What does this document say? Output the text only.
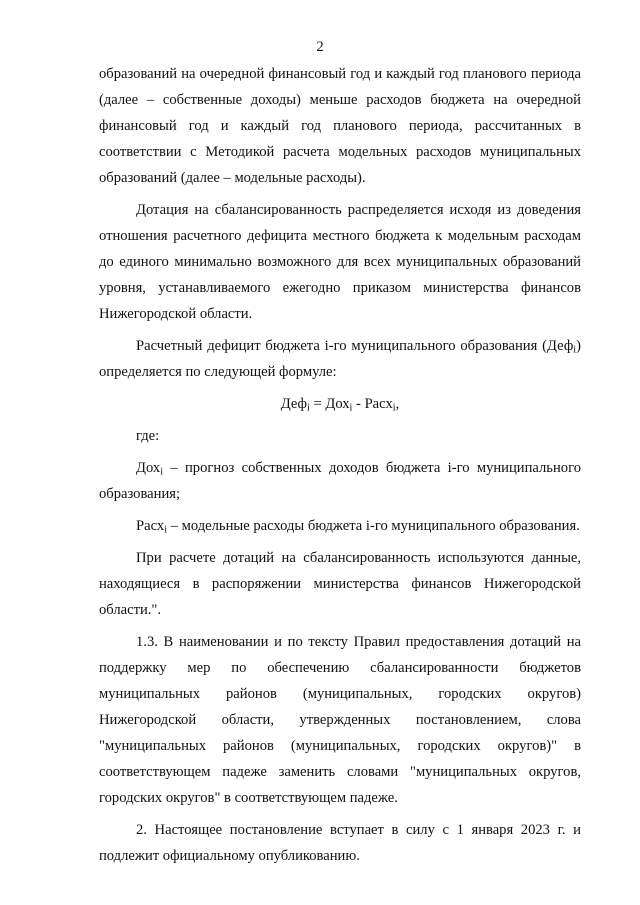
2

образований на очередной финансовый год и каждый год планового периода (далее – собственные доходы) меньше расходов бюджета на очередной финансовый год и каждый год планового периода, рассчитанных в соответствии с Методикой расчета модельных расходов муниципальных образований (далее – модельные расходы).

Дотация на сбалансированность распределяется исходя из доведения отношения расчетного дефицита местного бюджета к модельным расходам до единого минимально возможного для всех муниципальных образований уровня, устанавливаемого ежегодно приказом министерства финансов Нижегородской области.

Расчетный дефицит бюджета i-го муниципального образования (Деф$_i$) определяется по следующей формуле:

Деф$_i$ = Дох$_i$ - Расх$_i$,

где:

Дох$_i$ – прогноз собственных доходов бюджета i-го муниципального образования;

Расх$_i$ – модельные расходы бюджета i-го муниципального образования.

При расчете дотаций на сбалансированность используются данные, находящиеся в распоряжении министерства финансов Нижегородской области.".

1.3. В наименовании и по тексту Правил предоставления дотаций на поддержку мер по обеспечению сбалансированности бюджетов муниципальных районов (муниципальных, городских округов) Нижегородской области, утвержденных постановлением, слова "муниципальных районов (муниципальных, городских округов)" в соответствующем падеже заменить словами "муниципальных округов, городских округов" в соответствующем падеже.

2. Настоящее постановление вступает в силу с 1 января 2023 г. и подлежит официальному опубликованию.
